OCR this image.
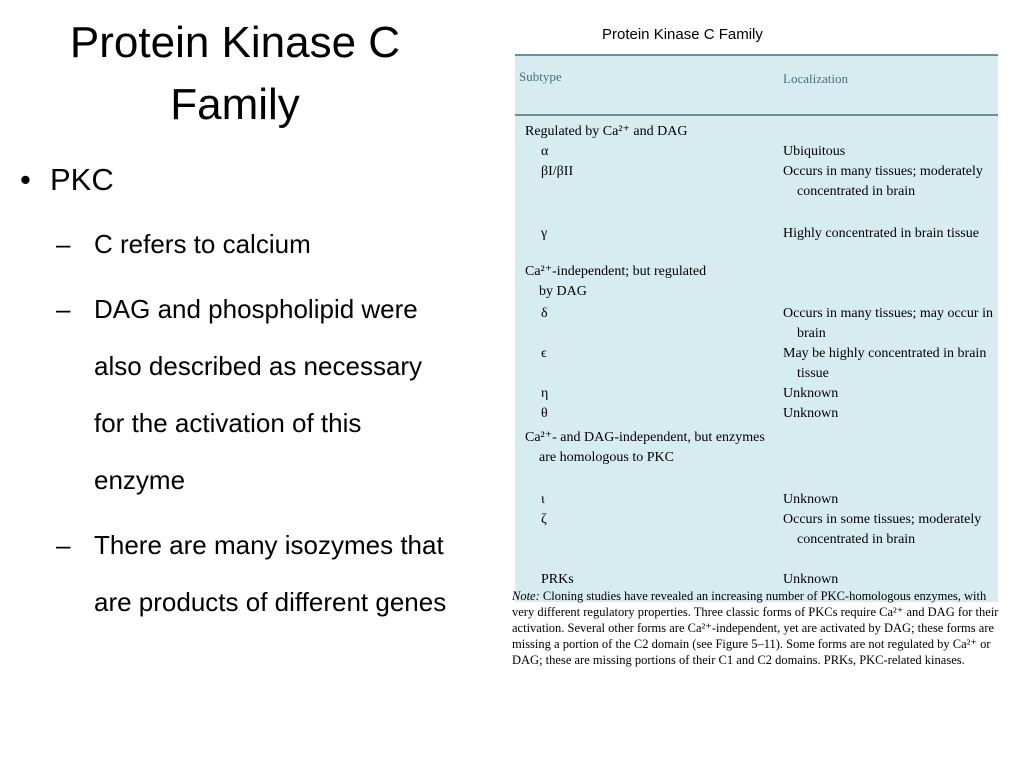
Protein Kinase C
Family
• PKC
– C refers to calcium
– DAG and phospholipid were also described as necessary for the activation of this enzyme
– There are many isozymes that are products of different genes
Protein Kinase C Family
Subtype	Localization
Regulated by Ca²⁺ and DAG
α	Ubiquitous
βI/βII	Occurs in many tissues; moderately concentrated in brain
γ	Highly concentrated in brain tissue
Ca²⁺-independent; but regulated by DAG
δ	Occurs in many tissues; may occur in brain
ϵ	May be highly concentrated in brain tissue
η	Unknown
θ	Unknown
Ca²⁺- and DAG-independent, but enzymes are homologous to PKC
ι	Unknown
ζ	Occurs in some tissues; moderately concentrated in brain
PRKs	Unknown
Note: Cloning studies have revealed an increasing number of PKC-homologous enzymes, with very different regulatory properties. Three classic forms of PKCs require Ca²⁺ and DAG for their activation. Several other forms are Ca²⁺-independent, yet are activated by DAG; these forms are missing a portion of the C2 domain (see Figure 5–11). Some forms are not regulated by Ca²⁺ or DAG; these are missing portions of their C1 and C2 domains. PRKs, PKC-related kinases.
